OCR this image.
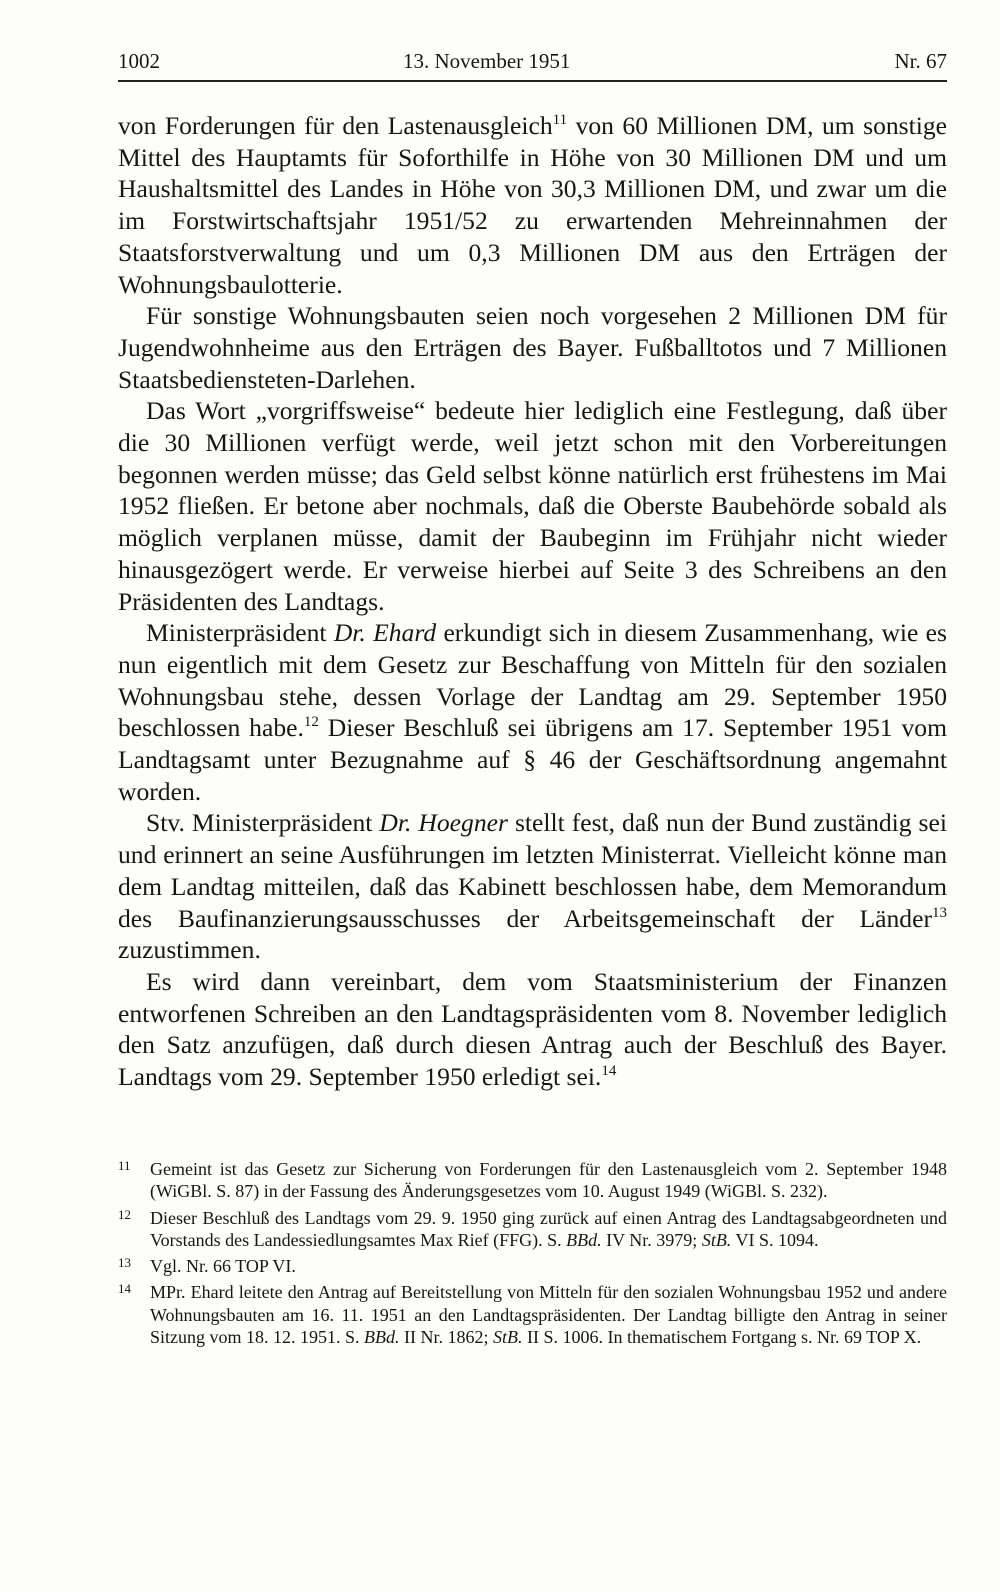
1002	13. November 1951	Nr. 67

von Forderungen für den Lastenausgleich$^{11}$ von 60 Millionen DM, um sonstige Mittel des Hauptamts für Soforthilfe in Höhe von 30 Millionen DM und um Haushaltsmittel des Landes in Höhe von 30,3 Millionen DM, und zwar um die im Forstwirtschaftsjahr 1951/52 zu erwartenden Mehreinnahmen der Staatsforstverwaltung und um 0,3 Millionen DM aus den Erträgen der Wohnungsbaulotterie.

Für sonstige Wohnungsbauten seien noch vorgesehen 2 Millionen DM für Jugendwohnheime aus den Erträgen des Bayer. Fußballtotos und 7 Millionen Staatsbediensteten-Darlehen.

Das Wort „vorgriffsweise“ bedeute hier lediglich eine Festlegung, daß über die 30 Millionen verfügt werde, weil jetzt schon mit den Vorbereitungen begonnen werden müsse; das Geld selbst könne natürlich erst frühestens im Mai 1952 fließen. Er betone aber nochmals, daß die Oberste Baubehörde sobald als möglich verplanen müsse, damit der Baubeginn im Frühjahr nicht wieder hinausgezögert werde. Er verweise hierbei auf Seite 3 des Schreibens an den Präsidenten des Landtags.

Ministerpräsident Dr. Ehard erkundigt sich in diesem Zusammenhang, wie es nun eigentlich mit dem Gesetz zur Beschaffung von Mitteln für den sozialen Wohnungsbau stehe, dessen Vorlage der Landtag am 29. September 1950 beschlossen habe.$^{12}$ Dieser Beschluß sei übrigens am 17. September 1951 vom Landtagsamt unter Bezugnahme auf § 46 der Geschäftsordnung angemahnt worden.

Stv. Ministerpräsident Dr. Hoegner stellt fest, daß nun der Bund zuständig sei und erinnert an seine Ausführungen im letzten Ministerrat. Vielleicht könne man dem Landtag mitteilen, daß das Kabinett beschlossen habe, dem Memorandum des Baufinanzierungsausschusses der Arbeitsgemeinschaft der Länder$^{13}$ zuzustimmen.

Es wird dann vereinbart, dem vom Staatsministerium der Finanzen entworfenen Schreiben an den Landtagspräsidenten vom 8. November lediglich den Satz anzufügen, daß durch diesen Antrag auch der Beschluß des Bayer. Landtags vom 29. September 1950 erledigt sei.$^{14}$

11 Gemeint ist das Gesetz zur Sicherung von Forderungen für den Lastenausgleich vom 2. September 1948 (WiGBl. S. 87) in der Fassung des Änderungsgesetzes vom 10. August 1949 (WiGBl. S. 232).
12 Dieser Beschluß des Landtags vom 29. 9. 1950 ging zurück auf einen Antrag des Landtagsabgeordneten und Vorstands des Landessiedlungsamtes Max Rief (FFG). S. BBd. IV Nr. 3979; StB. VI S. 1094.
13 Vgl. Nr. 66 TOP VI.
14 MPr. Ehard leitete den Antrag auf Bereitstellung von Mitteln für den sozialen Wohnungsbau 1952 und andere Wohnungsbauten am 16. 11. 1951 an den Landtagspräsidenten. Der Landtag billigte den Antrag in seiner Sitzung vom 18. 12. 1951. S. BBd. II Nr. 1862; StB. II S. 1006. In thematischem Fortgang s. Nr. 69 TOP X.
